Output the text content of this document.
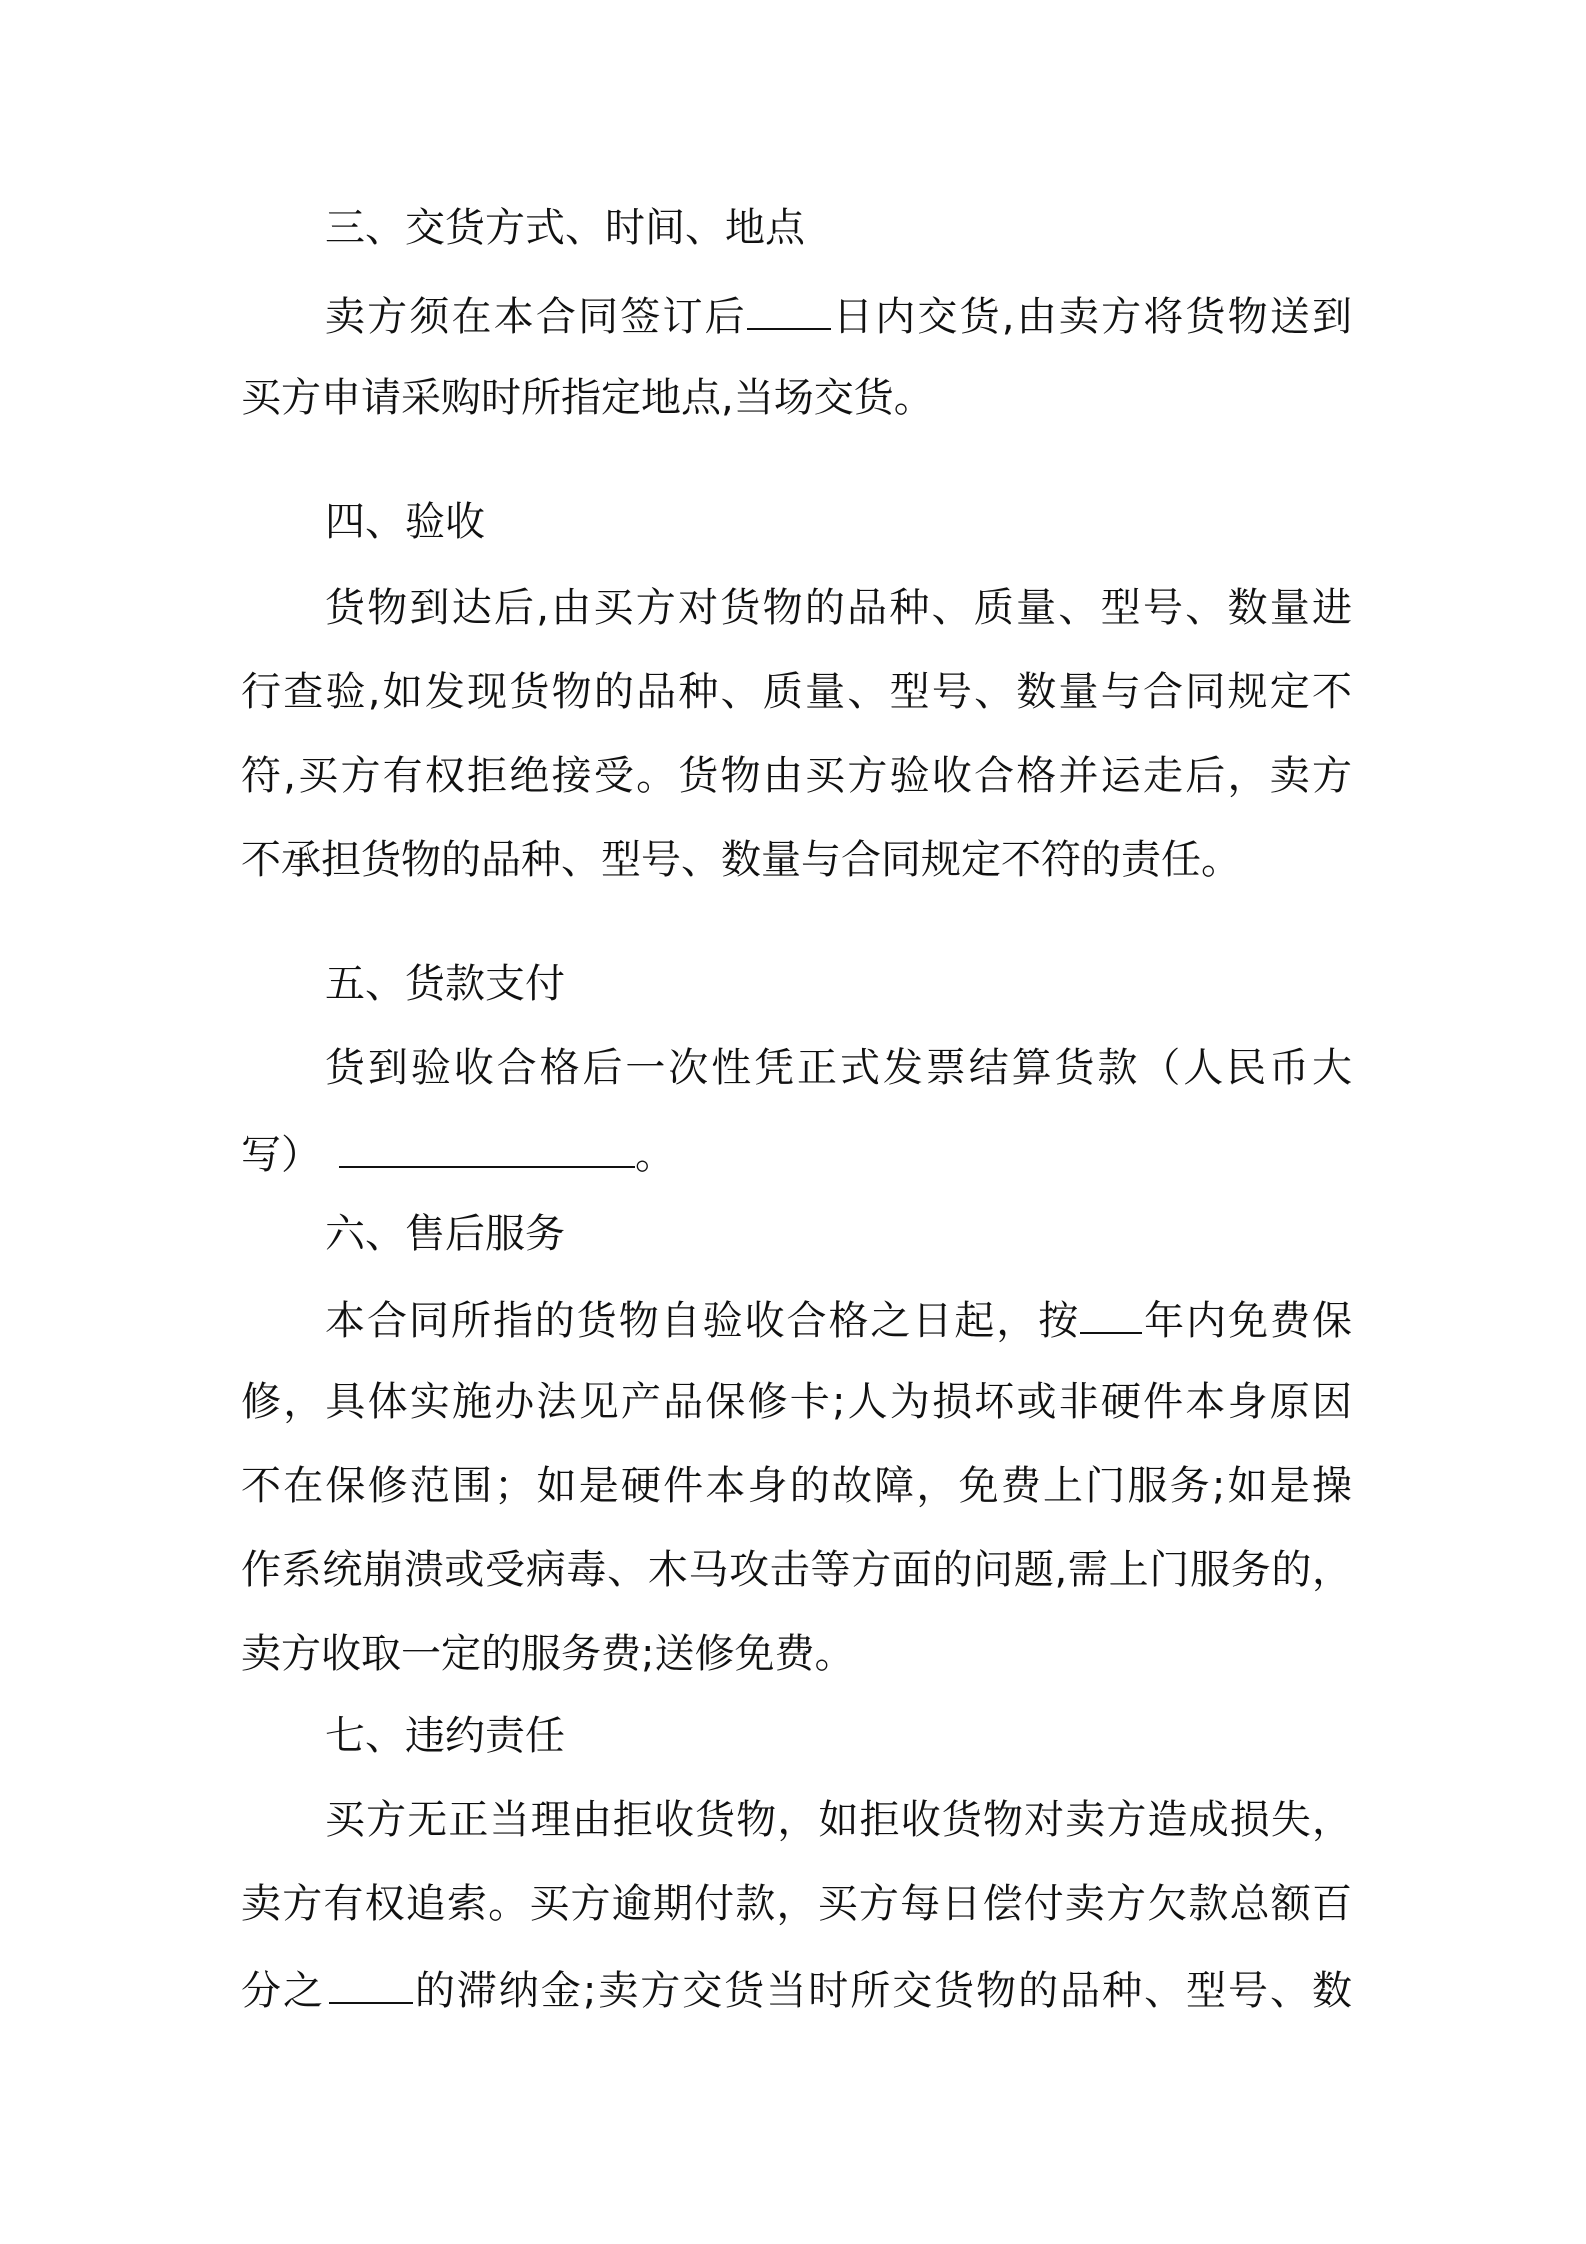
三、交货方式、时间、地点
卖方须在本合同签订后 日内交货,由卖方将货物送到
买方申请采购时所指定地点,当场交货。
四、验收
货物到达后,由买方对货物的品种、质量、型号、数量进
行查验,如发现货物的品种、质量、型号、数量与合同规定不
符,买方有权拒绝接受。货物由买方验收合格并运走后，卖方
不承担货物的品种、型号、数量与合同规定不符的责任。
五、货款支付
货到验收合格后一次性凭正式发票结算货款（人民币大
写）	。
六、售后服务
本合同所指的货物自验收合格之日起，按 年内免费保
修，具体实施办法见产品保修卡;人为损坏或非硬件本身原因
不在保修范围；如是硬件本身的故障，免费上门服务;如是操
作系统崩溃或受病毒、木马攻击等方面的问题,需上门服务的，
卖方收取一定的服务费;送修免费。
七、违约责任
买方无正当理由拒收货物，如拒收货物对卖方造成损失，
卖方有权追索。买方逾期付款，买方每日偿付卖方欠款总额百
分之 的滞纳金;卖方交货当时所交货物的品种、型号、数
